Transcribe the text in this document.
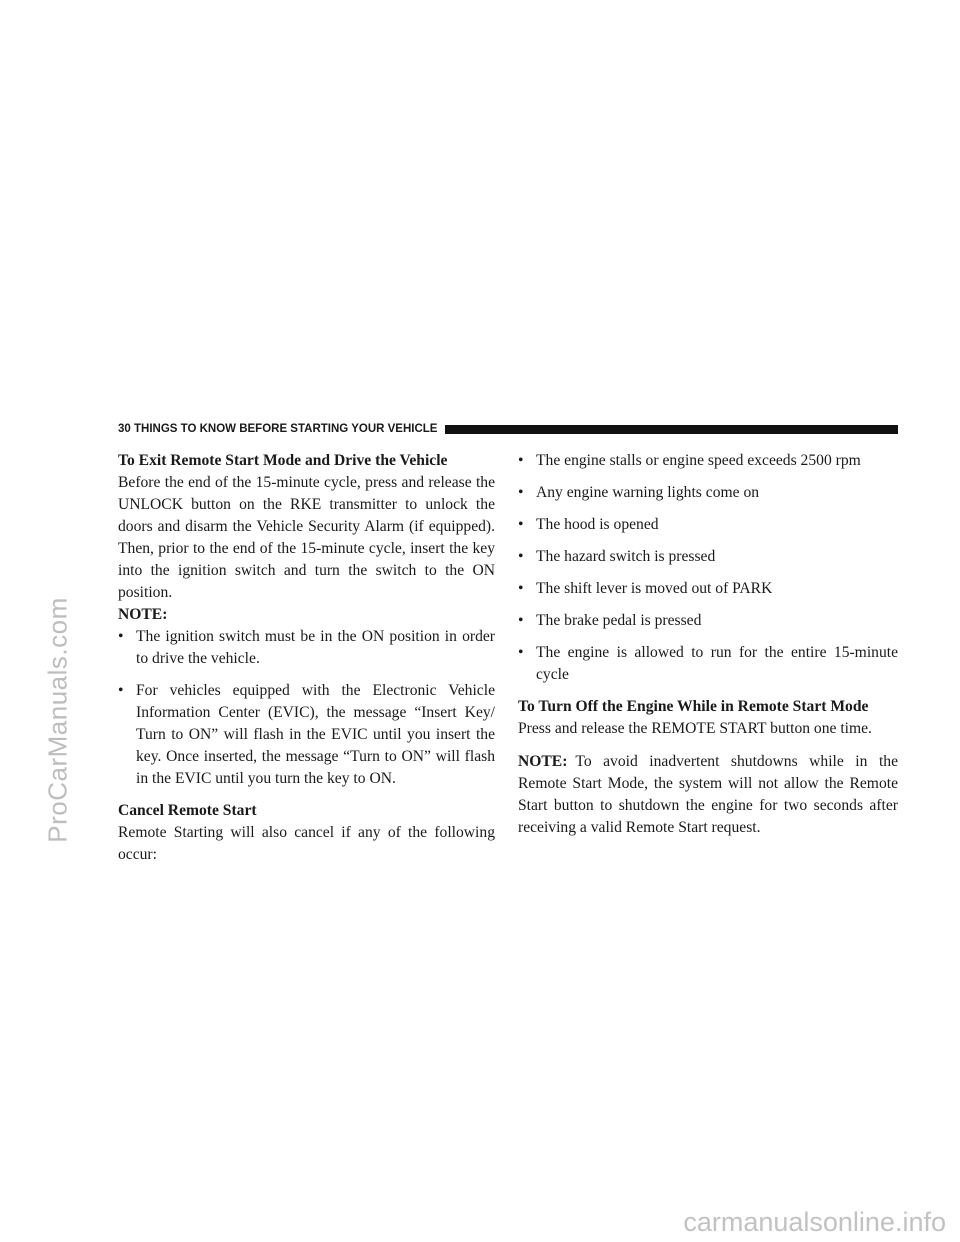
ProCarManuals.com
30 THINGS TO KNOW BEFORE STARTING YOUR VEHICLE

To Exit Remote Start Mode and Drive the Vehicle

Before the end of the 15-minute cycle, press and release the UNLOCK button on the RKE transmitter to unlock the doors and disarm the Vehicle Security Alarm (if equipped). Then, prior to the end of the 15-minute cycle, insert the key into the ignition switch and turn the switch to the ON position.

NOTE:

• The ignition switch must be in the ON position in order to drive the vehicle.
• For vehicles equipped with the Electronic Vehicle Information Center (EVIC), the message “Insert Key/ Turn to ON” will flash in the EVIC until you insert the key. Once inserted, the message “Turn to ON” will flash in the EVIC until you turn the key to ON.

Cancel Remote Start

Remote Starting will also cancel if any of the following occur:

• The engine stalls or engine speed exceeds 2500 rpm
• Any engine warning lights come on
• The hood is opened
• The hazard switch is pressed
• The shift lever is moved out of PARK
• The brake pedal is pressed
• The engine is allowed to run for the entire 15-minute cycle

To Turn Off the Engine While in Remote Start Mode

Press and release the REMOTE START button one time.

NOTE: To avoid inadvertent shutdowns while in the Remote Start Mode, the system will not allow the Remote Start button to shutdown the engine for two seconds after receiving a valid Remote Start request.

carmanualsonline.info
